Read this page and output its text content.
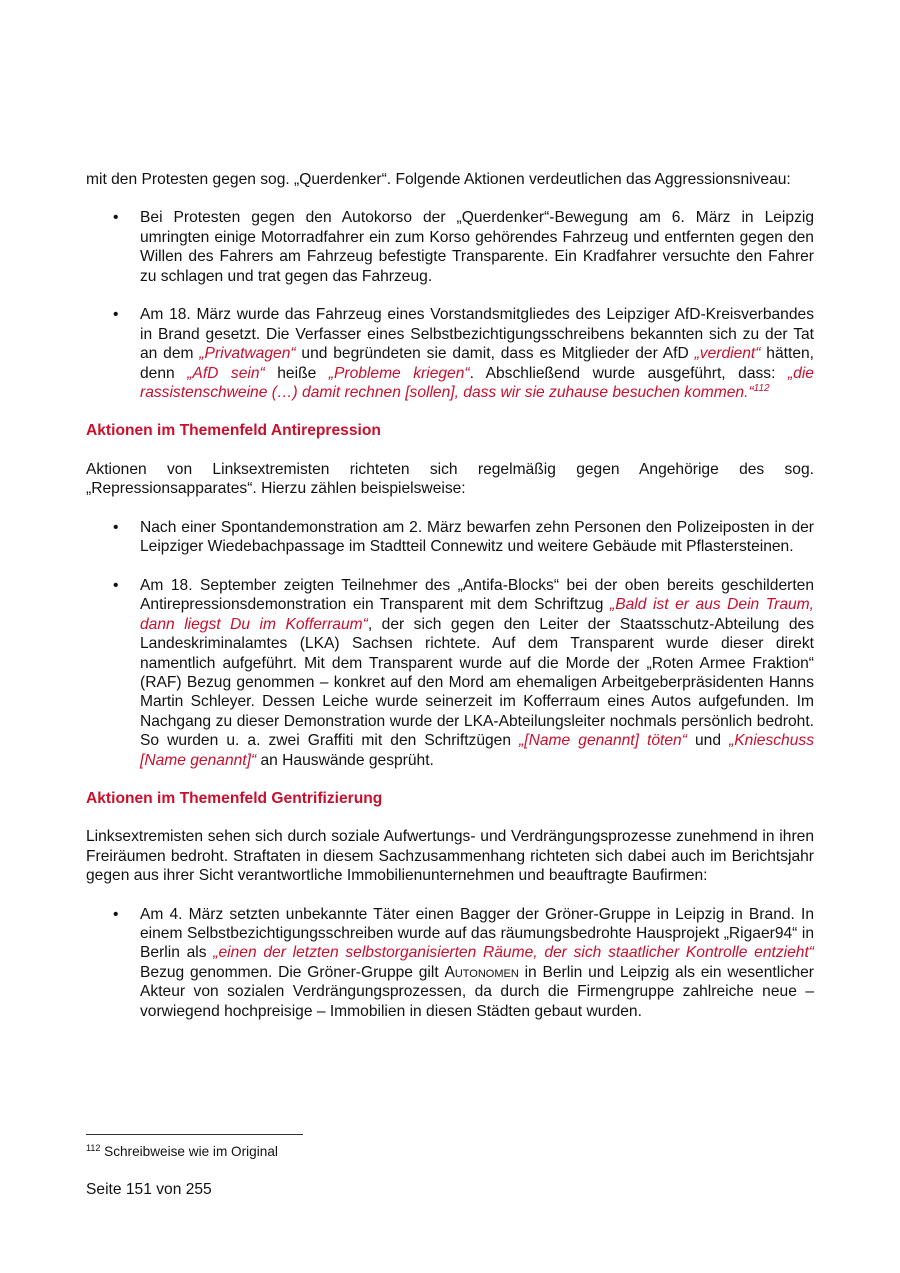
mit den Protesten gegen sog. „Querdenker“. Folgende Aktionen verdeutlichen das Aggressionsniveau:

• Bei Protesten gegen den Autokorso der „Querdenker“-Bewegung am 6. März in Leipzig umringten einige Motorradfahrer ein zum Korso gehörendes Fahrzeug und entfernten gegen den Willen des Fahrers am Fahrzeug befestigte Transparente. Ein Kradfahrer versuchte den Fahrer zu schlagen und trat gegen das Fahrzeug.
• Am 18. März wurde das Fahrzeug eines Vorstandsmitgliedes des Leipziger AfD-Kreisverbandes in Brand gesetzt. Die Verfasser eines Selbstbezichtigungsschreibens bekannten sich zu der Tat an dem „Privatwagen“ und begründeten sie damit, dass es Mitglieder der AfD „verdient“ hätten, denn „AfD sein“ heiße „Probleme kriegen“. Abschließend wurde ausgeführt, dass: „die rassistenschweine (…) damit rechnen [sollen], dass wir sie zuhause besuchen kommen.“$^{112}$
Aktionen im Themenfeld Antirepression

Aktionen von Linksextremisten richteten sich regelmäßig gegen Angehörige des sog. „Repressionsapparates“. Hierzu zählen beispielsweise:

• Nach einer Spontandemonstration am 2. März bewarfen zehn Personen den Polizeiposten in der Leipziger Wiedebachpassage im Stadtteil Connewitz und weitere Gebäude mit Pflastersteinen.
• Am 18. September zeigten Teilnehmer des „Antifa-Blocks“ bei der oben bereits geschilderten Antirepressionsdemonstration ein Transparent mit dem Schriftzug „Bald ist er aus Dein Traum, dann liegst Du im Kofferraum“, der sich gegen den Leiter der Staatsschutz-Abteilung des Landeskriminalamtes (LKA) Sachsen richtete. Auf dem Transparent wurde dieser direkt namentlich aufgeführt. Mit dem Transparent wurde auf die Morde der „Roten Armee Fraktion“ (RAF) Bezug genommen – konkret auf den Mord am ehemaligen Arbeitgeberpräsidenten Hanns Martin Schleyer. Dessen Leiche wurde seinerzeit im Kofferraum eines Autos aufgefunden. Im Nachgang zu dieser Demonstration wurde der LKA-Abteilungsleiter nochmals persönlich bedroht. So wurden u. a. zwei Graffiti mit den Schriftzügen „[Name genannt] töten“ und „Knieschuss [Name genannt]“ an Hauswände gesprüht.
Aktionen im Themenfeld Gentrifizierung

Linksextremisten sehen sich durch soziale Aufwertungs- und Verdrängungsprozesse zunehmend in ihren Freiräumen bedroht. Straftaten in diesem Sachzusammenhang richteten sich dabei auch im Berichtsjahr gegen aus ihrer Sicht verantwortliche Immobilienunternehmen und beauftragte Baufirmen:

• Am 4. März setzten unbekannte Täter einen Bagger der Gröner-Gruppe in Leipzig in Brand. In einem Selbstbezichtigungsschreiben wurde auf das räumungsbedrohte Hausprojekt „Rigaer94“ in Berlin als „einen der letzten selbstorganisierten Räume, der sich staatlicher Kontrolle entzieht“ Bezug genommen. Die Gröner-Gruppe gilt Autonomen in Berlin und Leipzig als ein wesentlicher Akteur von sozialen Verdrängungsprozessen, da durch die Firmengruppe zahlreiche neue – vorwiegend hochpreisige – Immobilien in diesen Städten gebaut wurden.
$^{112}$ Schreibweise wie im Original
Seite 151 von 255
